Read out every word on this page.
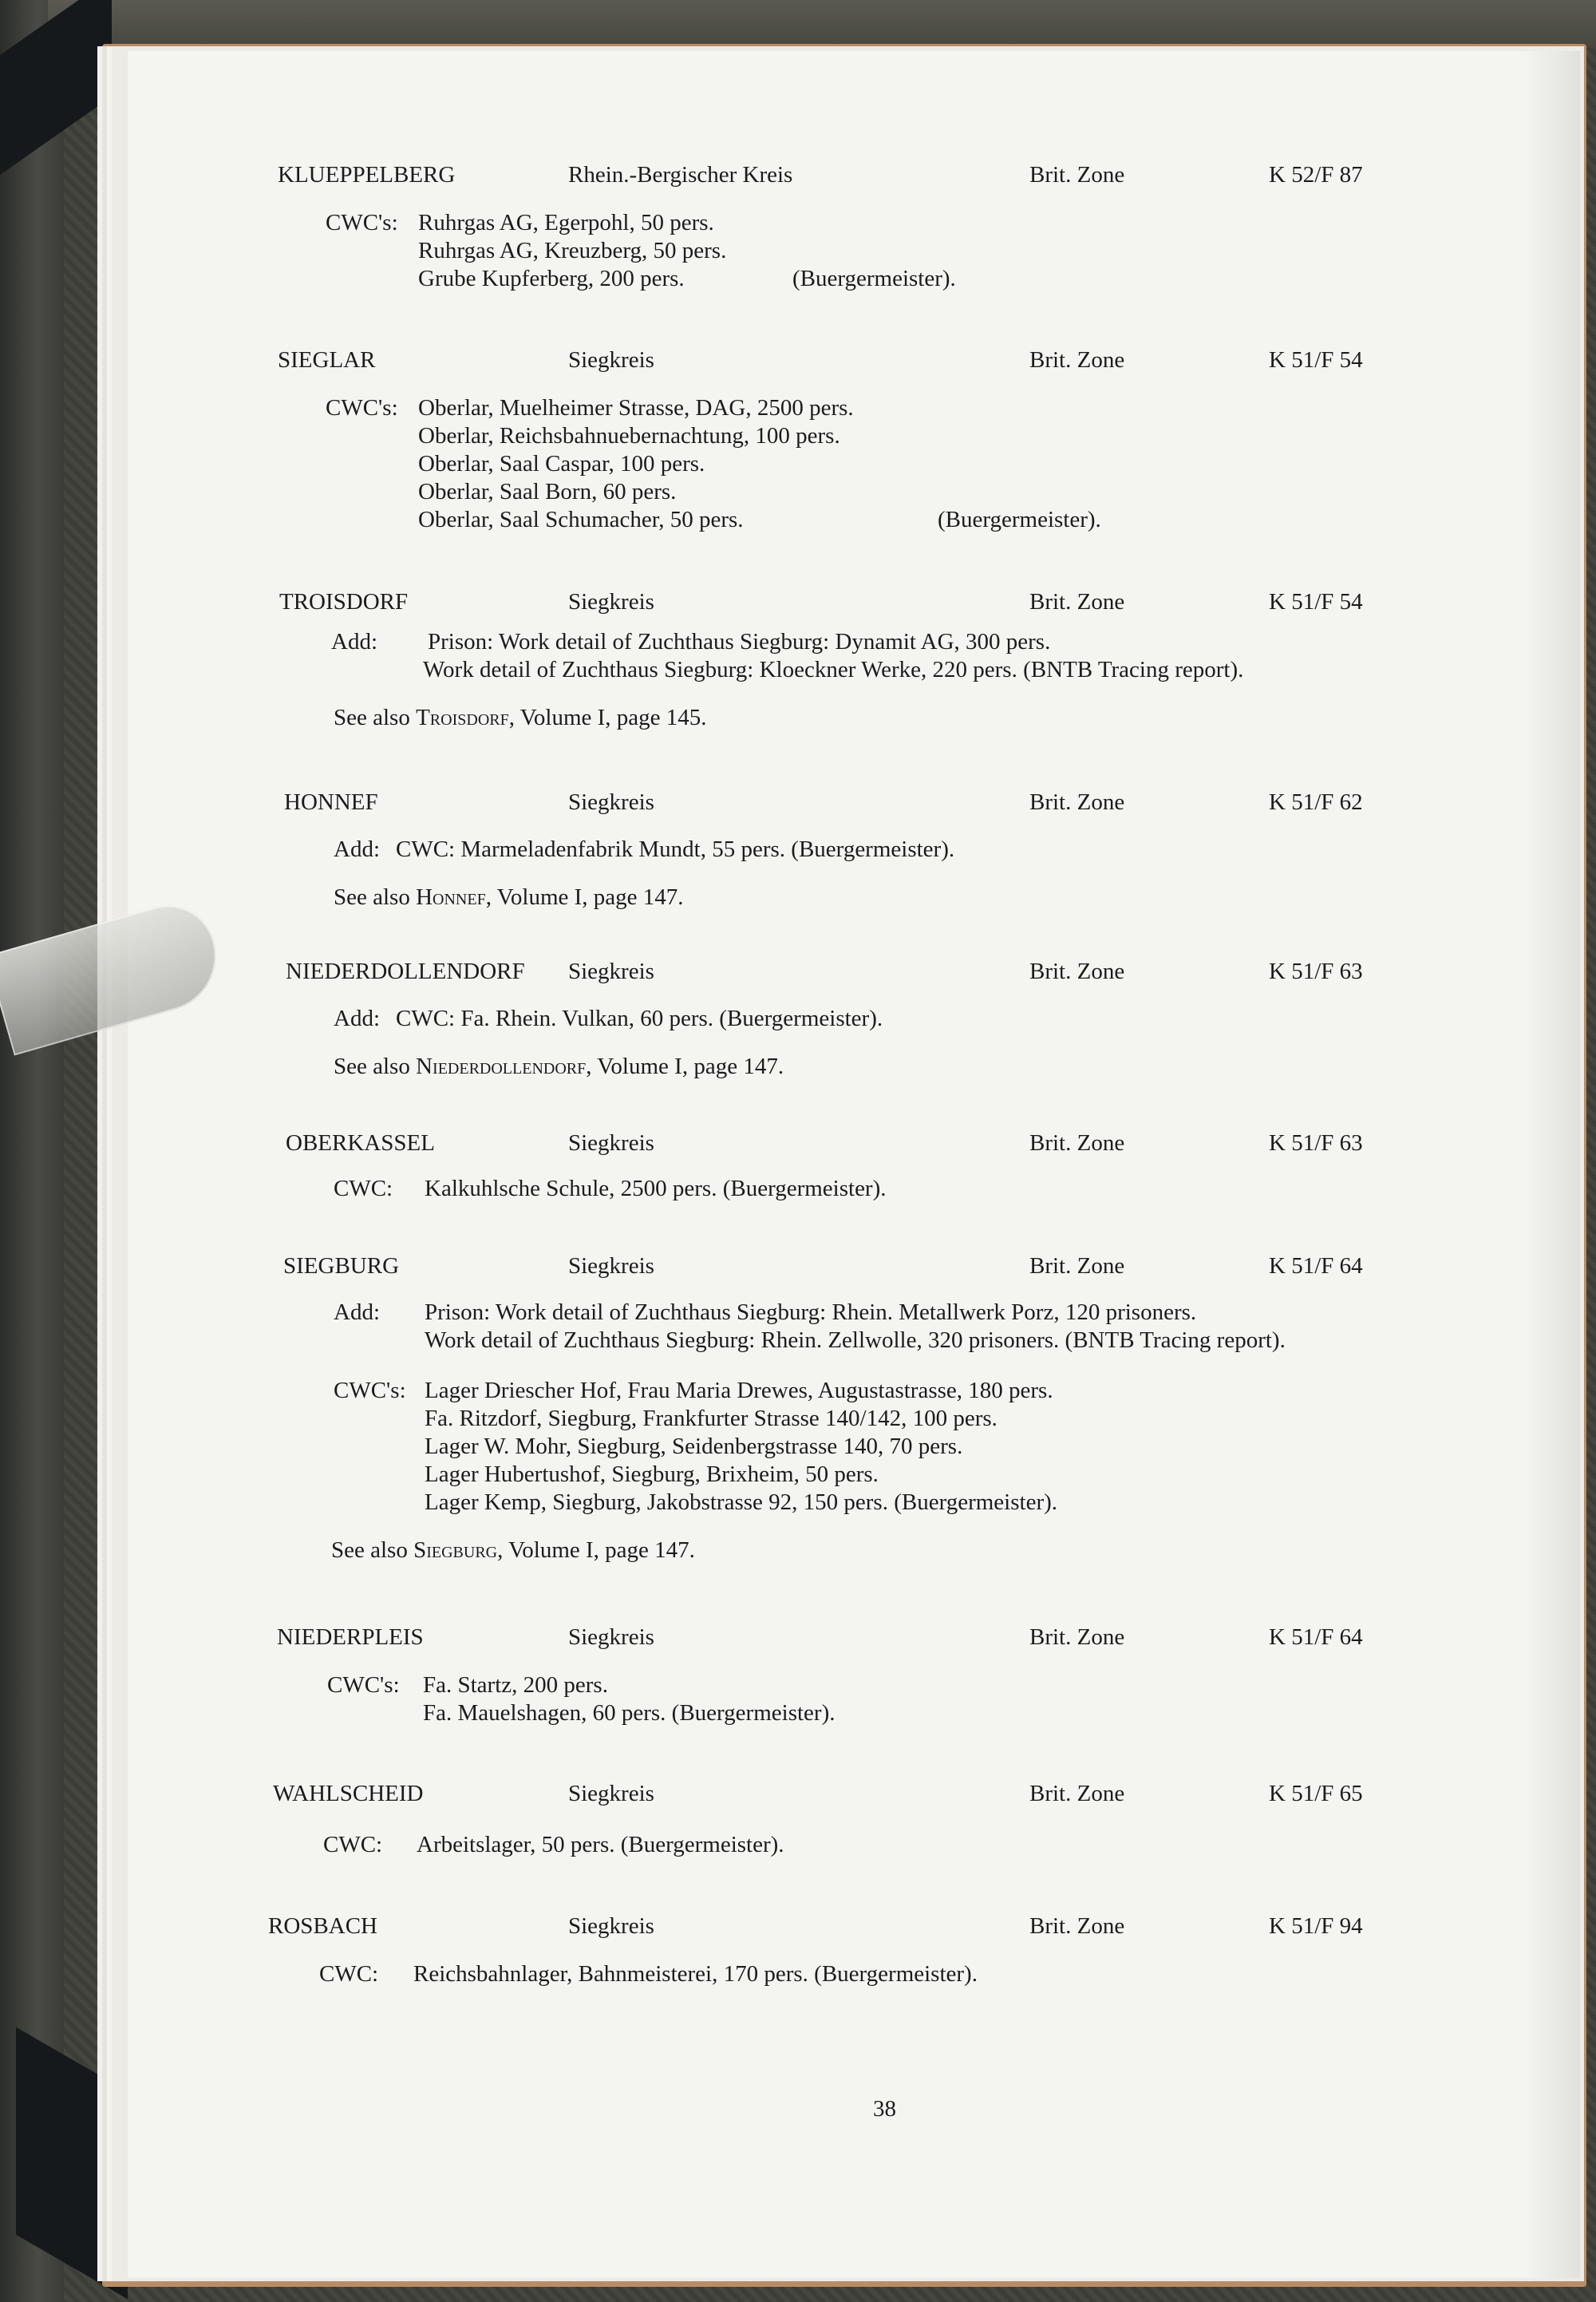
KLUEPPELBERG	Rhein.-Bergischer Kreis	Brit. Zone	K 52/F 87
CWC's: Ruhrgas AG, Egerpohl, 50 pers.
Ruhrgas AG, Kreuzberg, 50 pers.
Grube Kupferberg, 200 pers.	(Buergermeister).
SIEGLAR	Siegkreis	Brit. Zone	K 51/F 54
CWC's: Oberlar, Muelheimer Strasse, DAG, 2500 pers.
Oberlar, Reichsbahnuebernachtung, 100 pers.
Oberlar, Saal Caspar, 100 pers.
Oberlar, Saal Born, 60 pers.
Oberlar, Saal Schumacher, 50 pers.	(Buergermeister).
TROISDORF	Siegkreis	Brit. Zone	K 51/F 54
Add: Prison: Work detail of Zuchthaus Siegburg: Dynamit AG, 300 pers.
Work detail of Zuchthaus Siegburg: Kloeckner Werke, 220 pers. (BNTB Tracing report).
See also Troisdorf, Volume I, page 145.
HONNEF	Siegkreis	Brit. Zone	K 51/F 62
Add: CWC: Marmeladenfabrik Mundt, 55 pers. (Buergermeister).
See also Honnef, Volume I, page 147.
NIEDERDOLLENDORF Siegkreis	Brit. Zone	K 51/F 63
Add: CWC: Fa. Rhein. Vulkan, 60 pers. (Buergermeister).
See also Niederdollendorf, Volume I, page 147.
OBERKASSEL	Siegkreis	Brit. Zone	K 51/F 63
CWC: Kalkuhlsche Schule, 2500 pers. (Buergermeister).
SIEGBURG	Siegkreis	Brit. Zone	K 51/F 64
Add: Prison: Work detail of Zuchthaus Siegburg: Rhein. Metallwerk Porz, 120 prisoners.
Work detail of Zuchthaus Siegburg: Rhein. Zellwolle, 320 prisoners. (BNTB Tracing report).
CWC's: Lager Driescher Hof, Frau Maria Drewes, Augustastrasse, 180 pers.
Fa. Ritzdorf, Siegburg, Frankfurter Strasse 140/142, 100 pers.
Lager W. Mohr, Siegburg, Seidenbergstrasse 140, 70 pers.
Lager Hubertushof, Siegburg, Brixheim, 50 pers.
Lager Kemp, Siegburg, Jakobstrasse 92, 150 pers. (Buergermeister).
See also Siegburg, Volume I, page 147.
NIEDERPLEIS	Siegkreis	Brit. Zone	K 51/F 64
CWC's: Fa. Startz, 200 pers.
Fa. Mauelshagen, 60 pers. (Buergermeister).
WAHLSCHEID	Siegkreis	Brit. Zone	K 51/F 65
CWC: Arbeitslager, 50 pers. (Buergermeister).
ROSBACH	Siegkreis	Brit. Zone	K 51/F 94
CWC: Reichsbahnlager, Bahnmeisterei, 170 pers. (Buergermeister).
38
